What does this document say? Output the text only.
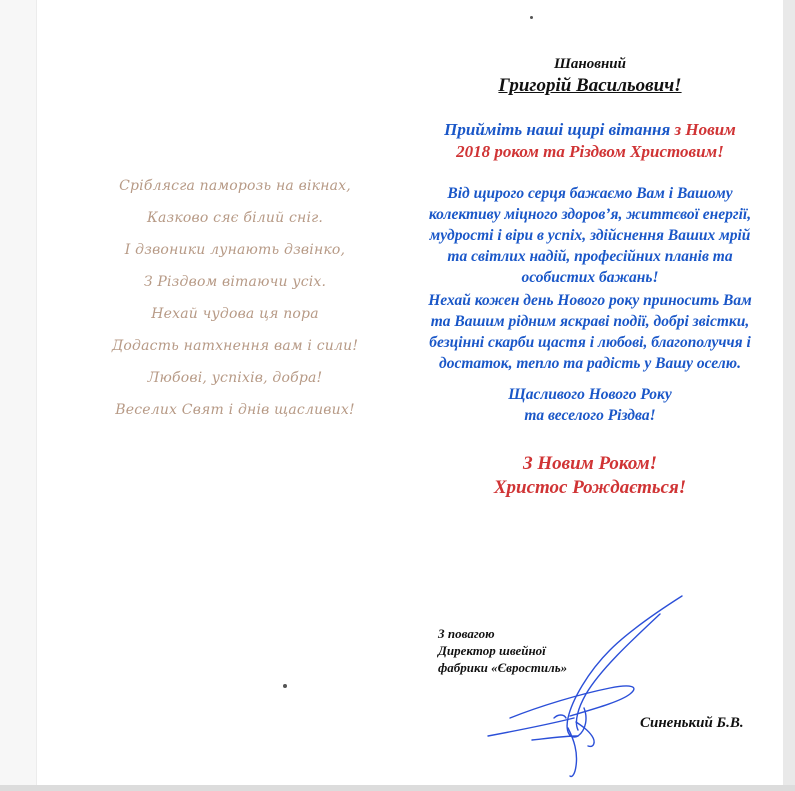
Сріблясга паморозь на вікнах,
Казково сяє білий сніг.
І дзвоники лунають дзвінко,
З Різдвом вітаючи усіх.
Нехай чудова ця пора
Додасть натхнення вам і сили!
Любові, успіхів, добра!
Веселих Свят і днів щасливих!
Шановний
Григорій Васильович!
Прийміть наші щирі вітання з Новим
2018 роком та Різдвом Христовим!
Від щирого серця бажаємо Вам і Вашому колективу міцного здоров’я, життєвої енергії, мудрості і віри в успіх, здійснення Ваших мрій та світлих надій, професійних планів та особистих бажань!
Нехай кожен день Нового року приносить Вам та Вашим рідним яскраві події, добрі звістки, безцінні скарби щастя і любові, благополуччя і достаток, тепло та радість у Вашу оселю.
Щасливого Нового Року
та веселого Різдва!
З Новим Роком!
Христос Рождається!
З повагою
Директор швейної
фабрики «Євростиль»
Синенький Б.В.
